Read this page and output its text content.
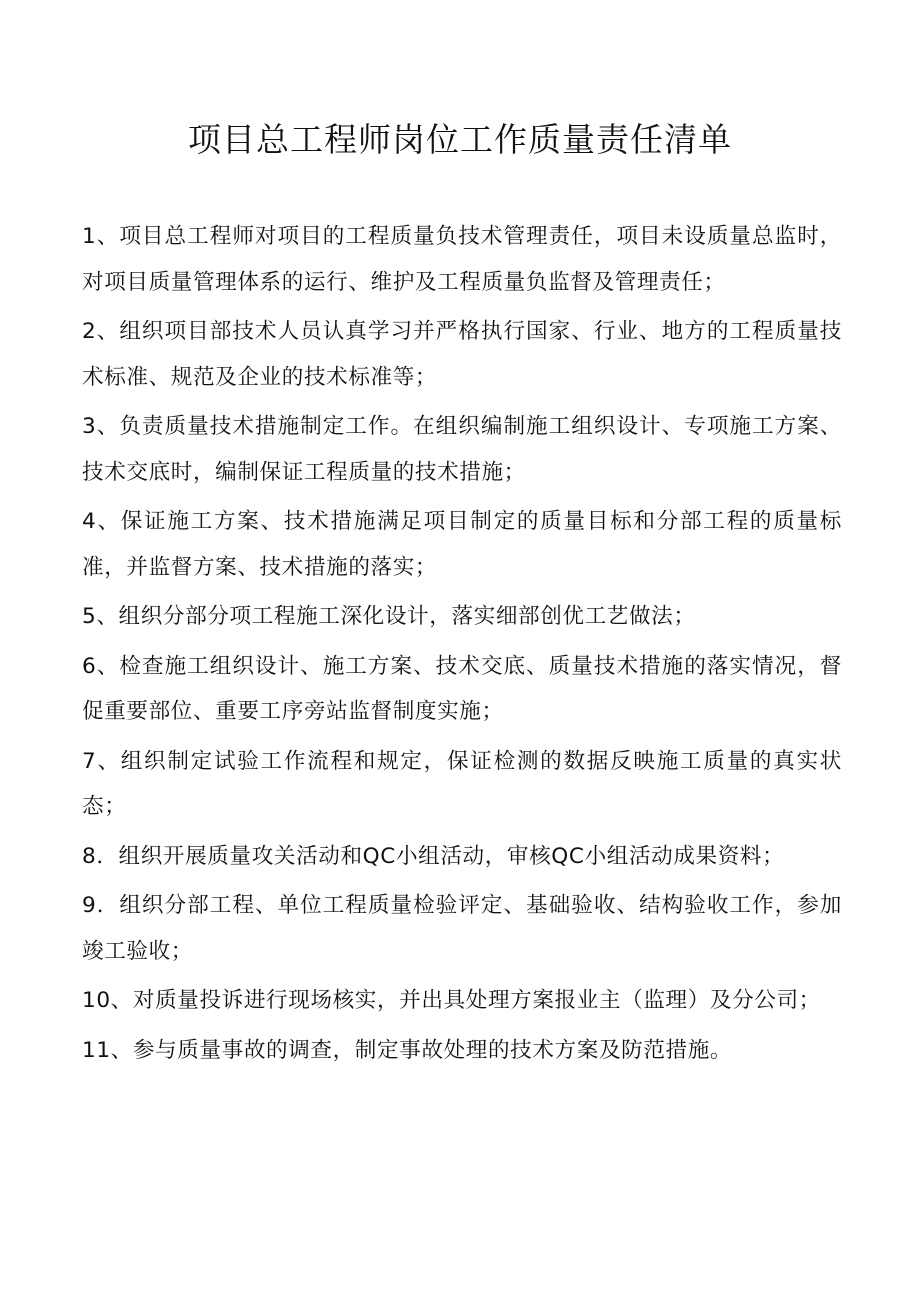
项目总工程师岗位工作质量责任清单
1、项目总工程师对项目的工程质量负技术管理责任，项目未设质量总监时，对项目质量管理体系的运行、维护及工程质量负监督及管理责任；
2、组织项目部技术人员认真学习并严格执行国家、行业、地方的工程质量技术标准、规范及企业的技术标准等；
3、负责质量技术措施制定工作。在组织编制施工组织设计、专项施工方案、技术交底时，编制保证工程质量的技术措施；
4、保证施工方案、技术措施满足项目制定的质量目标和分部工程的质量标准，并监督方案、技术措施的落实；
5、组织分部分项工程施工深化设计，落实细部创优工艺做法；
6、检查施工组织设计、施工方案、技术交底、质量技术措施的落实情况，督促重要部位、重要工序旁站监督制度实施；
7、组织制定试验工作流程和规定，保证检测的数据反映施工质量的真实状态；
8．组织开展质量攻关活动和QC小组活动，审核QC小组活动成果资料；
9．组织分部工程、单位工程质量检验评定、基础验收、结构验收工作，参加竣工验收；
10、对质量投诉进行现场核实，并出具处理方案报业主（监理）及分公司；
11、参与质量事故的调查，制定事故处理的技术方案及防范措施。
